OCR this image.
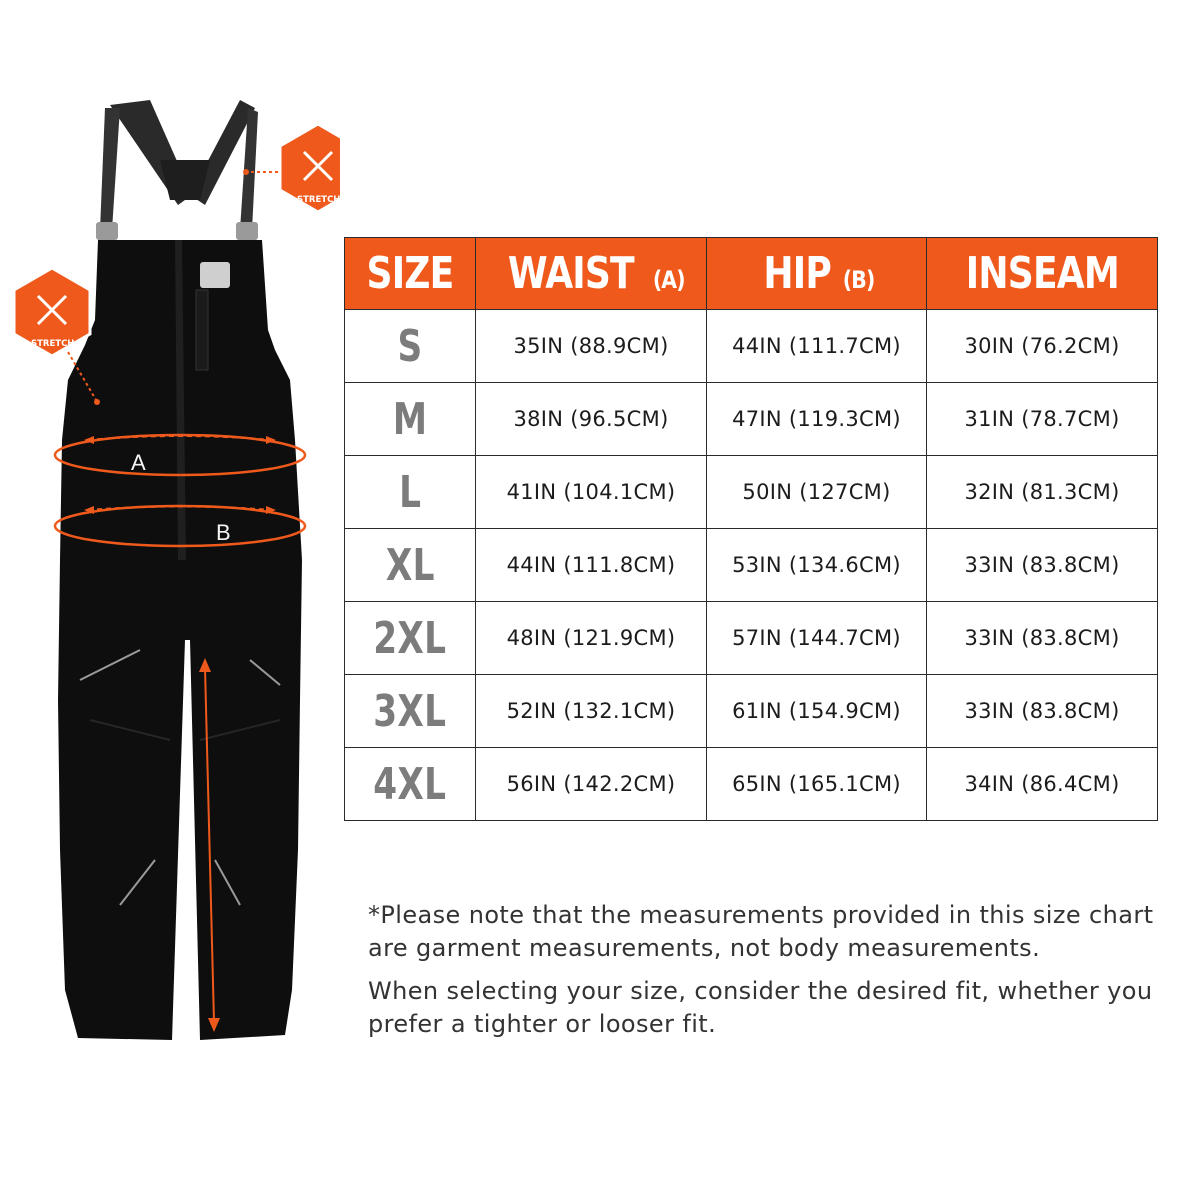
A
B
STRETCH
STRETCH
SIZE	WAIST (A)	HIP (B)	INSEAM
S	35IN (88.9CM)	44IN (111.7CM)	30IN (76.2CM)
M	38IN (96.5CM)	47IN (119.3CM)	31IN (78.7CM)
L	41IN (104.1CM)	50IN (127CM)	32IN (81.3CM)
XL	44IN (111.8CM)	53IN (134.6CM)	33IN (83.8CM)
2XL	48IN (121.9CM)	57IN (144.7CM)	33IN (83.8CM)
3XL	52IN (132.1CM)	61IN (154.9CM)	33IN (83.8CM)
4XL	56IN (142.2CM)	65IN (165.1CM)	34IN (86.4CM)

*Please note that the measurements provided in this size chart are garment measurements, not body measurements.

When selecting your size, consider the desired fit, whether you prefer a tighter or looser fit.
